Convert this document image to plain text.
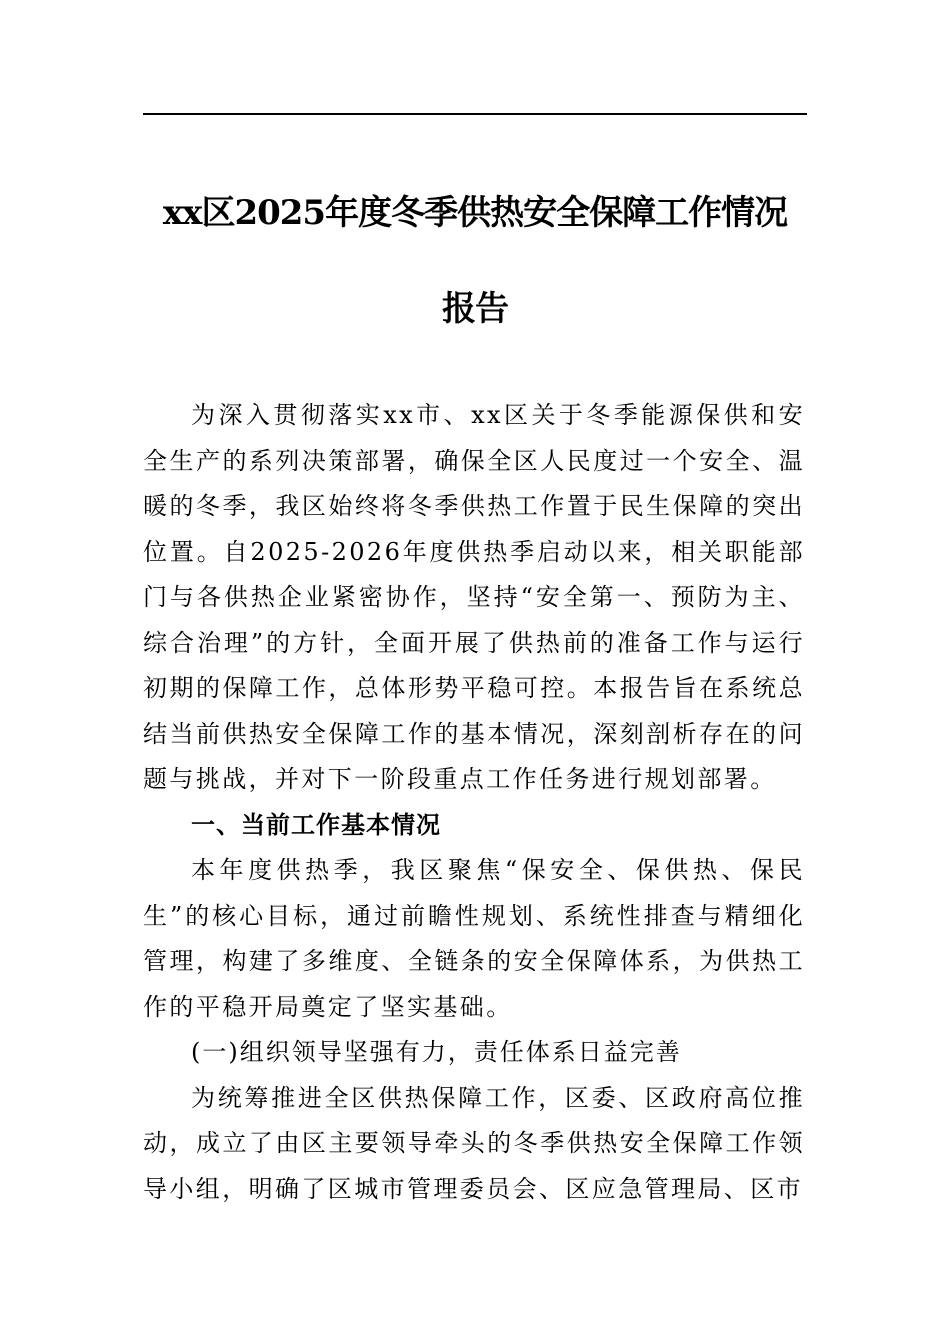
xx区2025年度冬季供热安全保障工作情况
报告

为深入贯彻落实xx市、xx区关于冬季能源保供和安全生产的系列决策部署，确保全区人民度过一个安全、温暖的冬季，我区始终将冬季供热工作置于民生保障的突出位置。自2025-2026年度供热季启动以来，相关职能部门与各供热企业紧密协作，坚持“安全第一、预防为主、综合治理”的方针，全面开展了供热前的准备工作与运行初期的保障工作，总体形势平稳可控。本报告旨在系统总结当前供热安全保障工作的基本情况，深刻剖析存在的问题与挑战，并对下一阶段重点工作任务进行规划部署。

一、当前工作基本情况

本年度供热季，我区聚焦“保安全、保供热、保民生”的核心目标，通过前瞻性规划、系统性排查与精细化管理，构建了多维度、全链条的安全保障体系，为供热工作的平稳开局奠定了坚实基础。

(一)组织领导坚强有力，责任体系日益完善

为统筹推进全区供热保障工作，区委、区政府高位推动，成立了由区主要领导牵头的冬季供热安全保障工作领导小组，明确了区城市管理委员会、区应急管理局、区市
